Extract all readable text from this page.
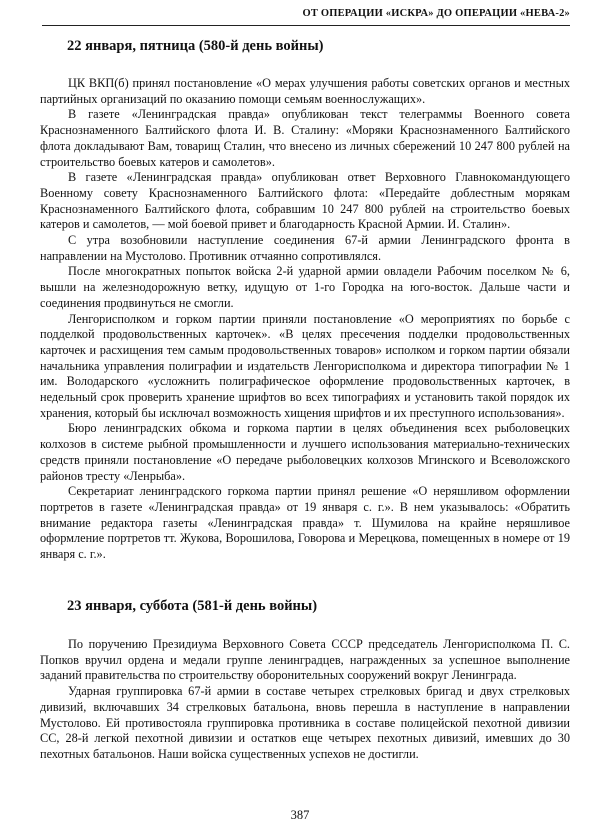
ОТ ОПЕРАЦИИ «ИСКРА» ДО ОПЕРАЦИИ «НЕВА-2»

22 января, пятница (580-й день войны)

ЦК ВКП(б) принял постановление «О мерах улучшения работы советских органов и местных партийных организаций по оказанию помощи семьям военнослужащих».

В газете «Ленинградская правда» опубликован текст телеграммы Военного совета Краснознаменного Балтийского флота И. В. Сталину: «Моряки Краснознаменного Балтийского флота докладывают Вам, товарищ Сталин, что внесено из личных сбережений 10 247 800 рублей на строительство боевых катеров и самолетов».

В газете «Ленинградская правда» опубликован ответ Верховного Главнокомандующего Военному совету Краснознаменного Балтийского флота: «Передайте доблестным морякам Краснознаменного Балтийского флота, собравшим 10 247 800 рублей на строительство боевых катеров и самолетов, — мой боевой привет и благодарность Красной Армии. И. Сталин».

С утра возобновили наступление соединения 67-й армии Ленинградского фронта в направлении на Мустолово. Противник отчаянно сопротивлялся.

После многократных попыток войска 2-й ударной армии овладели Рабочим поселком № 6, вышли на железнодорожную ветку, идущую от 1-го Городка на юго-восток. Дальше части и соединения продвинуться не смогли.

Ленгорисполком и горком партии приняли постановление «О мероприятиях по борьбе с подделкой продовольственных карточек». «В целях пресечения подделки продовольственных карточек и расхищения тем самым продовольственных товаров» исполком и горком партии обязали начальника управления полиграфии и издательств Ленгорисполкома и директора типографии № 1 им. Володарского «усложнить полиграфическое оформление продовольственных карточек, в недельный срок проверить хранение шрифтов во всех типографиях и установить такой порядок их хранения, который бы исключал возможность хищения шрифтов и их преступного использования».

Бюро ленинградских обкома и горкома партии в целях объединения всех рыболовецких колхозов в системе рыбной промышленности и лучшего использования материально-технических средств приняли постановление «О передаче рыболовецких колхозов Мгинского и Всеволожского районов тресту «Ленрыба».

Секретариат ленинградского горкома партии принял решение «О неряшливом оформлении портретов в газете «Ленинградская правда» от 19 января с. г.». В нем указывалось: «Обратить внимание редактора газеты «Ленинградская правда» т. Шумилова на крайне неряшливое оформление портретов тт. Жукова, Ворошилова, Говорова и Мерецкова, помещенных в номере от 19 января с. г.».

23 января, суббота (581-й день войны)

По поручению Президиума Верховного Совета СССР председатель Ленгорисполкома П. С. Попков вручил ордена и медали группе ленинградцев, награжденных за успешное выполнение заданий правительства по строительству оборонительных сооружений вокруг Ленинграда.

Ударная группировка 67-й армии в составе четырех стрелковых бригад и двух стрелковых дивизий, включавших 34 стрелковых батальона, вновь перешла в наступление в направлении Мустолово. Ей противостояла группировка противника в составе полицейской пехотной дивизии СС, 28-й легкой пехотной дивизии и остатков еще четырех пехотных дивизий, имевших до 30 пехотных батальонов. Наши войска существенных успехов не достигли.

387
